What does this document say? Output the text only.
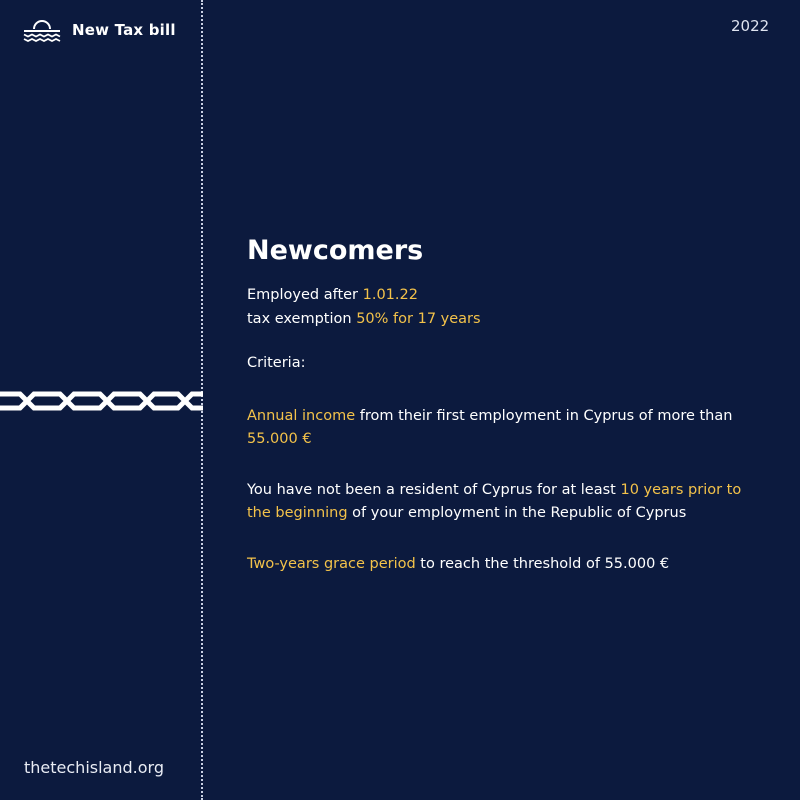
New Tax bill	2022
Newcomers
Employed after 1.01.22
tax exemption 50% for 17 years
Criteria:
Annual income from their first employment in Cyprus of more than 55.000 €
You have not been a resident of Cyprus for at least 10 years prior to the beginning of your employment in the Republic of Cyprus
Two-years grace period to reach the threshold of 55.000 €
thetechisland.org
